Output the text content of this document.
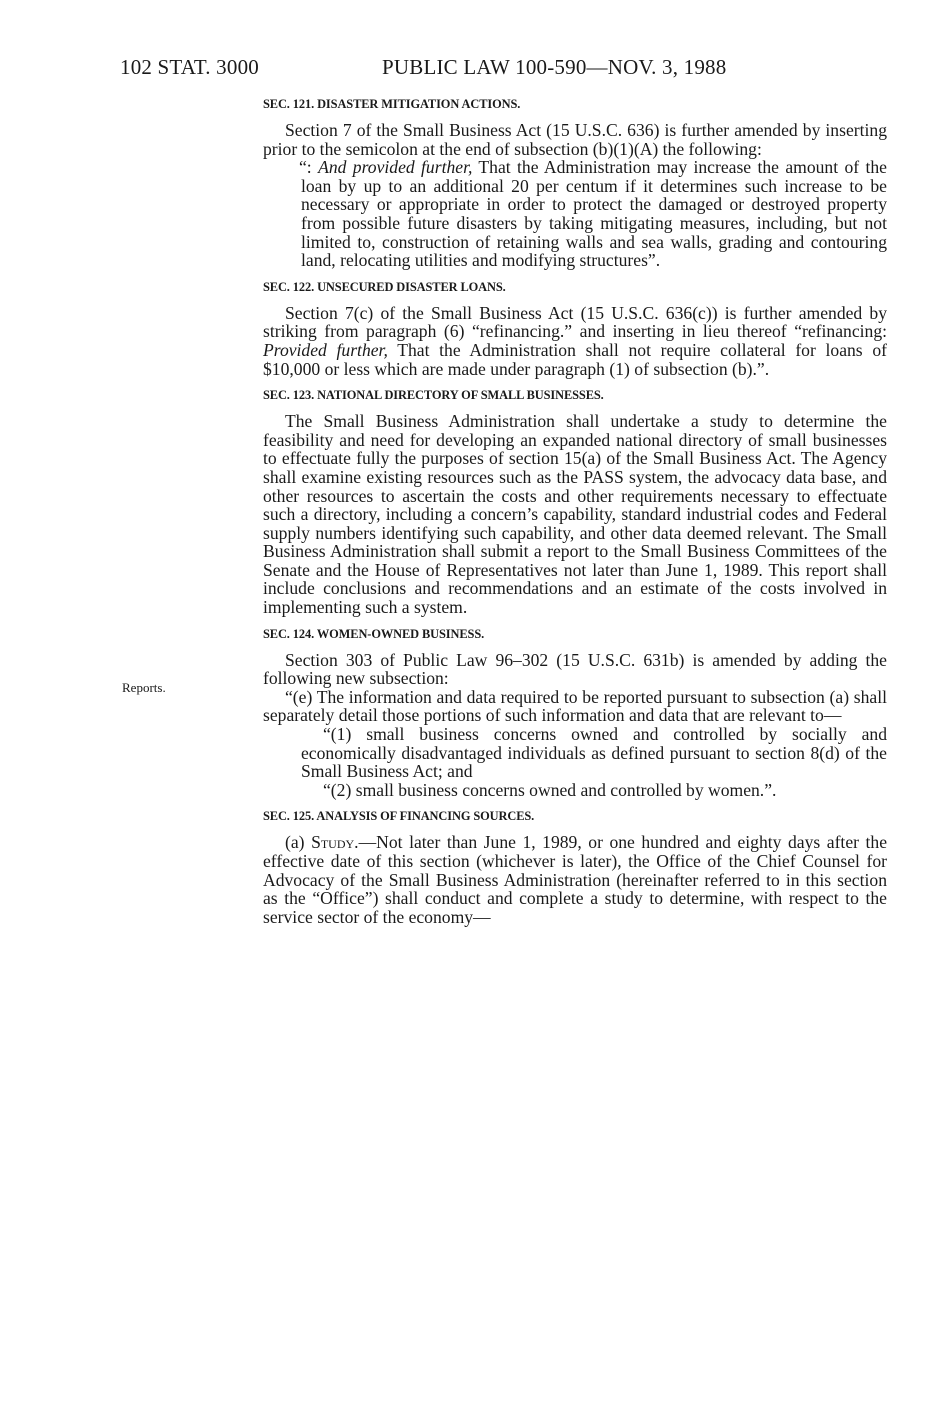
102 STAT. 3000	PUBLIC LAW 100-590—NOV. 3, 1988
Reports.
SEC. 121. DISASTER MITIGATION ACTIONS.

Section 7 of the Small Business Act (15 U.S.C. 636) is further amended by inserting prior to the semicolon at the end of subsection (b)(1)(A) the following:

“: And provided further, That the Administration may increase the amount of the loan by up to an additional 20 per centum if it determines such increase to be necessary or appropriate in order to protect the damaged or destroyed property from possible future disasters by taking mitigating measures, including, but not limited to, construction of retaining walls and sea walls, grading and contouring land, relocating utilities and modifying structures”.

SEC. 122. UNSECURED DISASTER LOANS.

Section 7(c) of the Small Business Act (15 U.S.C. 636(c)) is further amended by striking from paragraph (6) “refinancing.” and inserting in lieu thereof “refinancing: Provided further, That the Administration shall not require collateral for loans of $10,000 or less which are made under paragraph (1) of subsection (b).”.

SEC. 123. NATIONAL DIRECTORY OF SMALL BUSINESSES.

The Small Business Administration shall undertake a study to determine the feasibility and need for developing an expanded national directory of small businesses to effectuate fully the purposes of section 15(a) of the Small Business Act. The Agency shall examine existing resources such as the PASS system, the advocacy data base, and other resources to ascertain the costs and other requirements necessary to effectuate such a directory, including a concern’s capability, standard industrial codes and Federal supply numbers identifying such capability, and other data deemed relevant. The Small Business Administration shall submit a report to the Small Business Committees of the Senate and the House of Representatives not later than June 1, 1989. This report shall include conclusions and recommendations and an estimate of the costs involved in implementing such a system.

SEC. 124. WOMEN-OWNED BUSINESS.

Section 303 of Public Law 96–302 (15 U.S.C. 631b) is amended by adding the following new subsection:

“(e) The information and data required to be reported pursuant to subsection (a) shall separately detail those portions of such information and data that are relevant to—

“(1) small business concerns owned and controlled by socially and economically disadvantaged individuals as defined pursuant to section 8(d) of the Small Business Act; and

“(2) small business concerns owned and controlled by women.”.

SEC. 125. ANALYSIS OF FINANCING SOURCES.

(a) Study.—Not later than June 1, 1989, or one hundred and eighty days after the effective date of this section (whichever is later), the Office of the Chief Counsel for Advocacy of the Small Business Administration (hereinafter referred to in this section as the “Office”) shall conduct and complete a study to determine, with respect to the service sector of the economy—
